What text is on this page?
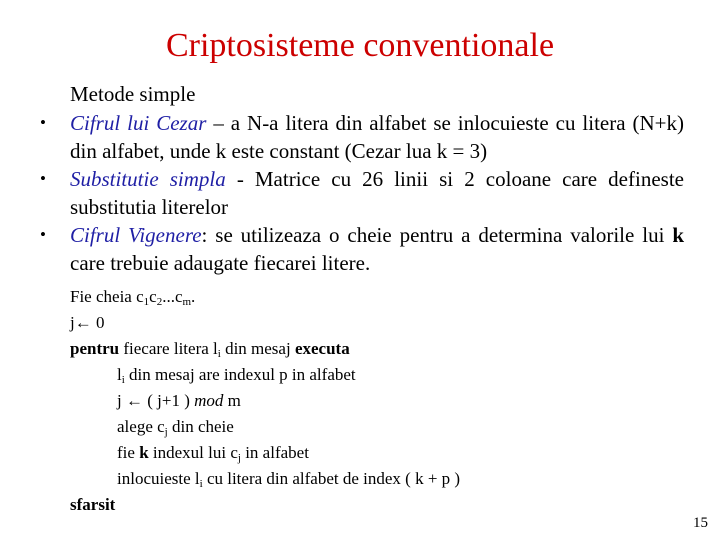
Criptosisteme conventionale
Metode simple
• Cifrul lui Cezar – a N-a litera din alfabet se inlocuieste cu litera (N+k) din alfabet, unde k este constant (Cezar lua k = 3)
• Substitutie simpla - Matrice cu 26 linii si 2 coloane care defineste substitutia literelor
• Cifrul Vigenere: se utilizeaza o cheie pentru a determina valorile lui k care trebuie adaugate fiecarei litere.
Fie cheia $c_1c_2...c_m$.
j← 0
pentru fiecare litera $l_i$ din mesaj executa
$l_i$ din mesaj are indexul p in alfabet
j ← ( j+1 ) mod m
alege $c_j$ din cheie
fie k indexul lui $c_j$ in alfabet
inlocuieste $l_i$ cu litera din alfabet de index ( k + p )
sfarsit
15
